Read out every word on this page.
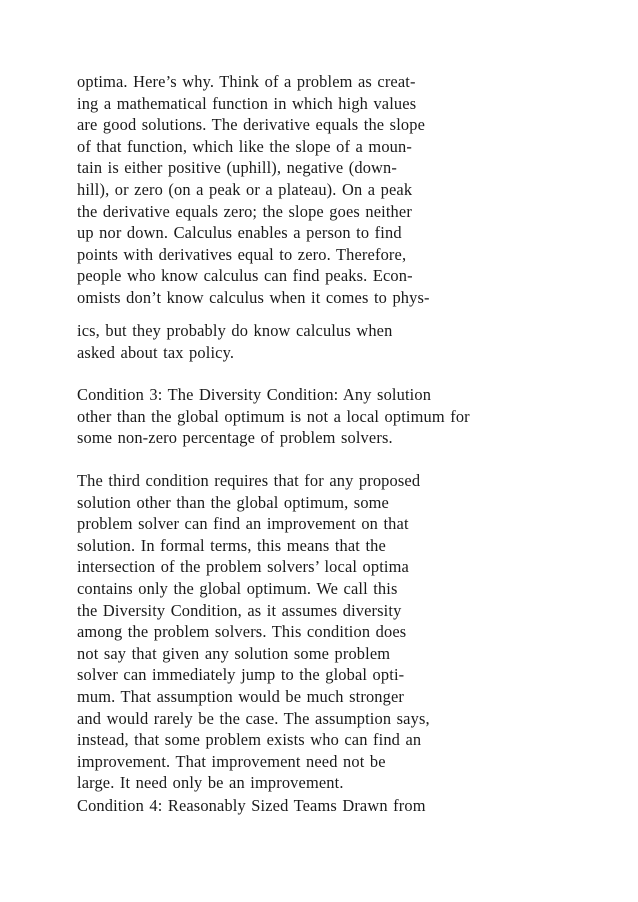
optima. Here’s why. Think of a problem as creat-
ing a mathematical function in which high values
are good solutions. The derivative equals the slope
of that function, which like the slope of a moun-
tain is either positive (uphill), negative (down-
hill), or zero (on a peak or a plateau). On a peak
the derivative equals zero; the slope goes neither
up nor down. Calculus enables a person to find
points with derivatives equal to zero. Therefore,
people who know calculus can find peaks. Econ-
omists don’t know calculus when it comes to phys-
ics, but they probably do know calculus when
asked about tax policy.
Condition 3: The Diversity Condition: Any solution
other than the global optimum is not a local optimum for
some non-zero percentage of problem solvers.
The third condition requires that for any proposed
solution other than the global optimum, some
problem solver can find an improvement on that
solution. In formal terms, this means that the
intersection of the problem solvers’ local optima
contains only the global optimum. We call this
the Diversity Condition, as it assumes diversity
among the problem solvers. This condition does
not say that given any solution some problem
solver can immediately jump to the global opti-
mum. That assumption would be much stronger
and would rarely be the case. The assumption says,
instead, that some problem exists who can find an
improvement. That improvement need not be
large. It need only be an improvement.
Condition 4: Reasonably Sized Teams Drawn from
